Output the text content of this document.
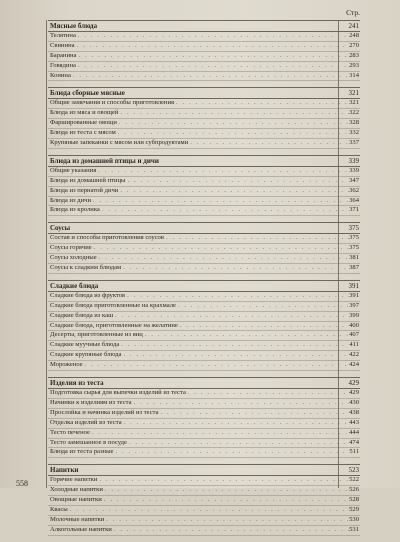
Стр.
Мясные блюда	241
Телятина . . .	248
Свинина . . .	270
Баранина . . .	283
Говядина . . .	293
Конина . . .	314
Блюда сборные мясные	321
Общие замечания и способы приготовления . . .	321
Блюда из мяса и овощей . . .	322
Фаршированные овощи . . .	328
Блюда из теста с мясом . . .	332
Крупяные запеканки с мясом или субпродуктами . . .	337
Блюда из домашней птицы и дичи	339
Общие указания . . .	339
Блюда из домашней птицы . . .	347
Блюда из пернатой дичи . . .	362
Блюда из дичи . . .	364
Блюда из кролика . . .	371
Соусы	375
Состав и способы приготовления соусов . . .	375
Соусы горячие . . .	375
Соусы холодные . . .	381
Соусы к сладким блюдам . . .	387
Сладкие блюда	391
Сладкие блюда из фруктов . . .	391
Сладкие блюда приготовленные на крахмале . . .	397
Сладкие блюда из каш . . .	399
Сладкие блюда, приготовленные на желатине . . .	400
Десерты, приготовленные из яиц . . .	407
Сладкие муучные блюда . . .	411
Сладкие крупяные блюда . . .	422
Мороженое . . .	424
Изделия из теста	429
Подготовка сырья для выпечки изделий из теста . . .	429
Начинки к изделиям из теста . . .	430
Прослойка и начинка изделий из теста . . .	438
Отделка изделий из теста . . .	443
Тесто печеное . . .	444
Тесто замешанное в посуде . . .	474
Блюда из теста разные . . .	511
Напитки	523
Горячие напитки . . .	522
Холодные напитки . . .	526
Овощные напитки . . .	528
Квасы . . .	529
Молочные напитки . . .	530
Алкогольные напитки . . .	531
558
